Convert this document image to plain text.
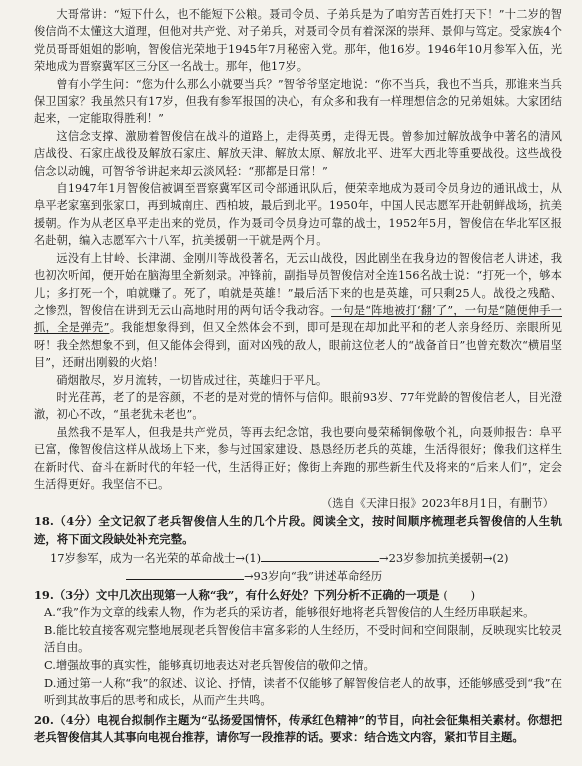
大哥常讲：“短下什么，也不能短下公粮。聂司令员、子弟兵是为了咱穷苦百姓打天下！”十二岁的智俊信尚不太懂这大道理，但他对共产党、对子弟兵，对聂司令员有着深深的崇拜、景仰与笃定。受家族4个党员哥哥姐姐的影响，智俊信光荣地于1945年7月秘密入党。那年，他16岁。1946年10月参军入伍，光荣地成为晋察冀军区三分区一名战士。那年，他17岁。

曾有小学生问：“您为什么那么小就要当兵？”智爷爷坚定地说：“你不当兵，我也不当兵，那谁来当兵保卫国家？我虽然只有17岁，但我有参军报国的决心，有众多和我有一样理想信念的兄弟姐妹。大家团结起来，一定能取得胜利！”

这信念支撑、激励着智俊信在战斗的道路上，走得英勇，走得无畏。曾参加过解放战争中著名的清风店战役、石家庄战役及解放石家庄、解放天津、解放太原、解放北平、进军大西北等重要战役。这些战役信念以动魄，可智爷爷讲起来却云淡风轻：“那都是日常！”

自1947年1月智俊信被调至晋察冀军区司令部通讯队后，便荣幸地成为聂司令员身边的通讯战士，从阜平老家塞到张家口，再到城南庄、西柏坡，最后到北平。1950年，中国人民志愿军开赴朝鲜战场，抗美援朝。作为从老区阜平走出来的党员，作为聂司令员身边可靠的战士，1952年5月，智俊信在华北军区报名赴朝，编入志愿军六十八军，抗美援朝一干就是两个月。

远没有上甘岭、长津湖、金刚川等战役著名，无云山战役，因此剧坐在我身边的智俊信老人讲述，我也初次听闻，便开始在脑海里全新刻录。冲锋前，副指导员智俊信对全连156名战士说：“打死一个，够本儿；多打死一个，咱就赚了。死了，咱就是英雄！”最后活下来的也是英雄，可只剩25人。战役之残酷、之惨烈，智俊信在讲到无云山高地时用的两句话令我动容。一句是“阵地被打‘翻’了”，一句是“随便伸手一抓，全是弹壳”。我能想象得到，但又全然体会不到，即可是现在却加此平和的老人亲身经历、亲眼所见呀！我全然想象不到，但又能体会得到，面对凶残的敌人，眼前这位老人的“战备首日”也曾充数次“横眉坚目”，还耐出刚毅的火焰！

硝烟散尽，岁月流转，一切皆成过往，英雄归于平凡。

时光荏苒，老了的是容颜，不老的是对党的情怀与信仰。眼前93岁、77年党龄的智俊信老人，目光澄澈，初心不改，“虽老犹未老也”。

虽然我不是军人，但我是共产党员，等再去纪念馆，我也要向曼荣稀铜像敬个礼，向聂帅报告：阜平已富，像智俊信这样从战场上下来，参与过国家建设、恳恳经历老兵的英雄，生活得很好；像我们这样生在新时代、奋斗在新时代的年轻一代，生活得正好；像街上奔跑的那些新生代及将来的“后来人们”，定会生活得更好。我坚信不已。

（选自《天津日报》2023年8月1日，有删节）

18.（4分）全文记叙了老兵智俊信人生的几个片段。阅读全文，按时间顺序梳理老兵智俊信的人生轨迹，将下面文段缺处补充完整。

17岁参军，成为一名光荣的革命战士→(1)	→23岁参加抗美援朝→(2)

→93岁向“我”讲述革命经历

19.（3分）文中几次出现第一人称“我”，有什么好处？下列分析不正确的一项是 (　　)

A.“我”作为文章的线索人物，作为老兵的采访者，能够很好地将老兵智俊信的人生经历串联起来。

B.能比较直接客观完整地展现老兵智俊信丰富多彩的人生经历，不受时间和空间限制，反映现实比较灵活自由。

C.增强故事的真实性，能够真切地表达对老兵智俊信的敬仰之情。

D.通过第一人称“我”的叙述、议论、抒情，读者不仅能够了解智俊信老人的故事，还能够感受到“我”在听到其故事后的思考和成长，从而产生共鸣。

20.（4分）电视台拟制作主题为“弘扬爱国情怀，传承红色精神”的节目，向社会征集相关素材。你想把老兵智俊信其人其事向电视台推荐，请你写一段推荐的话。要求：结合选文内容，紧扣节目主题。
